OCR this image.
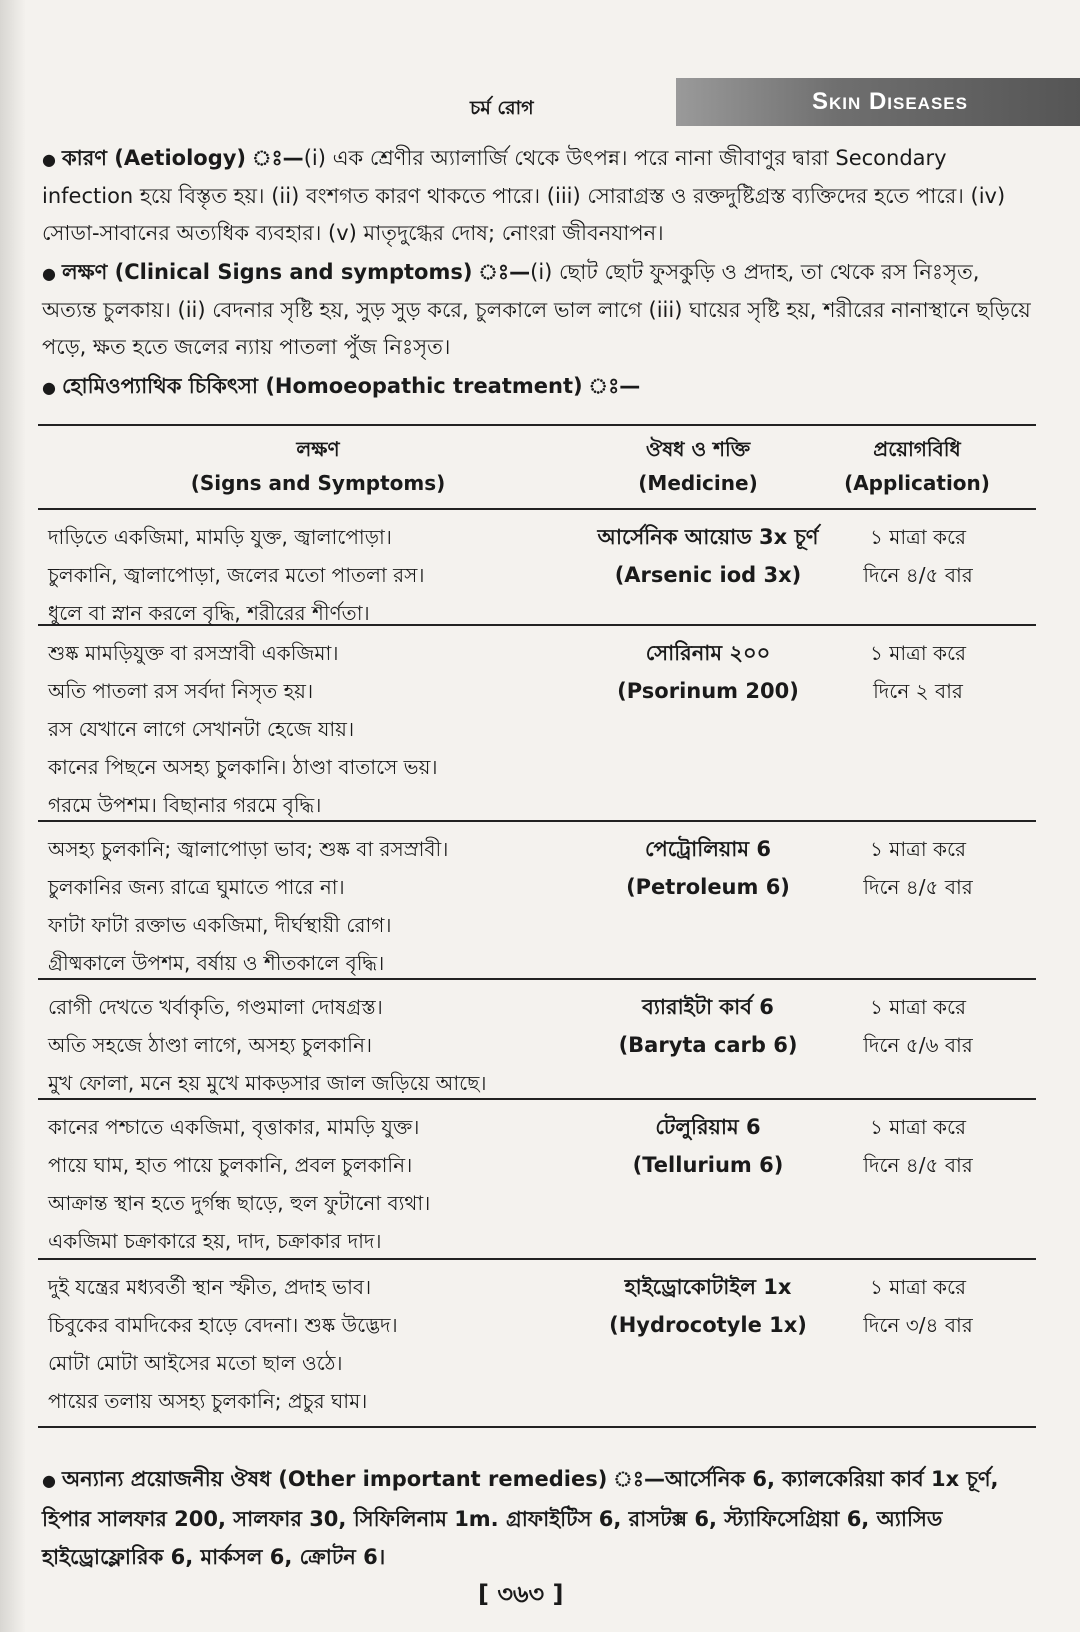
চর্ম রোগ	Skin Diseases
● কারণ (Aetiology) ঃ—(i) এক শ্রেণীর অ্যালার্জি থেকে উৎপন্ন। পরে নানা জীবাণুর দ্বারা Secondary infection হয়ে বিস্তৃত হয়। (ii) বংশগত কারণ থাকতে পারে। (iii) সোরাগ্রস্ত ও রক্তদুষ্টিগ্রস্ত ব্যক্তিদের হতে পারে। (iv) সোডা-সাবানের অত্যধিক ব্যবহার। (v) মাতৃদুগ্ধের দোষ; নোংরা জীবনযাপন।
● লক্ষণ (Clinical Signs and symptoms) ঃ—(i) ছোট ছোট ফুসকুড়ি ও প্রদাহ, তা থেকে রস নিঃসৃত, অত্যন্ত চুলকায়। (ii) বেদনার সৃষ্টি হয়, সুড় সুড় করে, চুলকালে ভাল লাগে (iii) ঘায়ের সৃষ্টি হয়, শরীরের নানাস্থানে ছড়িয়ে পড়ে, ক্ষত হতে জলের ন্যায় পাতলা পুঁজ নিঃসৃত।
● হোমিওপ্যাথিক চিকিৎসা (Homoeopathic treatment) ঃ—
লক্ষণ
(Signs and Symptoms)
ঔষধ ও শক্তি
(Medicine)
প্রয়োগবিধি
(Application)
দাড়িতে একজিমা, মামড়ি যুক্ত, জ্বালাপোড়া।
চুলকানি, জ্বালাপোড়া, জলের মতো পাতলা রস।
ধুলে বা স্নান করলে বৃদ্ধি, শরীরের শীর্ণতা।
আর্সেনিক আয়োড 3x চূর্ণ
(Arsenic iod 3x)
১ মাত্রা করে
দিনে ৪/৫ বার
শুষ্ক মামড়িযুক্ত বা রসস্রাবী একজিমা।
অতি পাতলা রস সর্বদা নিসৃত হয়।
রস যেখানে লাগে সেখানটা হেজে যায়।
কানের পিছনে অসহ্য চুলকানি। ঠাণ্ডা বাতাসে ভয়।
গরমে উপশম। বিছানার গরমে বৃদ্ধি।
সোরিনাম ২০০
(Psorinum 200)
১ মাত্রা করে
দিনে ২ বার
অসহ্য চুলকানি; জ্বালাপোড়া ভাব; শুষ্ক বা রসস্রাবী।
চুলকানির জন্য রাত্রে ঘুমাতে পারে না।
ফাটা ফাটা রক্তাভ একজিমা, দীর্ঘস্থায়ী রোগ।
গ্রীষ্মকালে উপশম, বর্ষায় ও শীতকালে বৃদ্ধি।
পেট্রোলিয়াম 6
(Petroleum 6)
১ মাত্রা করে
দিনে ৪/৫ বার
রোগী দেখতে খর্বাকৃতি, গণ্ডমালা দোষগ্রস্ত।
অতি সহজে ঠাণ্ডা লাগে, অসহ্য চুলকানি।
মুখ ফোলা, মনে হয় মুখে মাকড়সার জাল জড়িয়ে আছে।
ব্যারাইটা কার্ব 6
(Baryta carb 6)
১ মাত্রা করে
দিনে ৫/৬ বার
কানের পশ্চাতে একজিমা, বৃত্তাকার, মামড়ি যুক্ত।
পায়ে ঘাম, হাত পায়ে চুলকানি, প্রবল চুলকানি।
আক্রান্ত স্থান হতে দুর্গন্ধ ছাড়ে, হুল ফুটানো ব্যথা।
একজিমা চক্রাকারে হয়, দাদ, চক্রাকার দাদ।
টেলুরিয়াম 6
(Tellurium 6)
১ মাত্রা করে
দিনে ৪/৫ বার
দুই যন্ত্রের মধ্যবর্তী স্থান স্ফীত, প্রদাহ ভাব।
চিবুকের বামদিকের হাড়ে বেদনা। শুষ্ক উদ্ভেদ।
মোটা মোটা আইসের মতো ছাল ওঠে।
পায়ের তলায় অসহ্য চুলকানি; প্রচুর ঘাম।
হাইড্রোকোটাইল 1x
(Hydrocotyle 1x)
১ মাত্রা করে
দিনে ৩/৪ বার
● অন্যান্য প্রয়োজনীয় ঔষধ (Other important remedies) ঃ—আর্সেনিক 6, ক্যালকেরিয়া কার্ব 1x চূর্ণ, হিপার সালফার 200, সালফার 30, সিফিলিনাম 1m. গ্রাফাইটিস 6, রাসটক্স 6, স্ট্যাফিসেগ্রিয়া 6, অ্যাসিড হাইড্রোফ্লোরিক 6, মার্কসল 6, ক্রোটন 6।
[ ৩৬৩ ]
